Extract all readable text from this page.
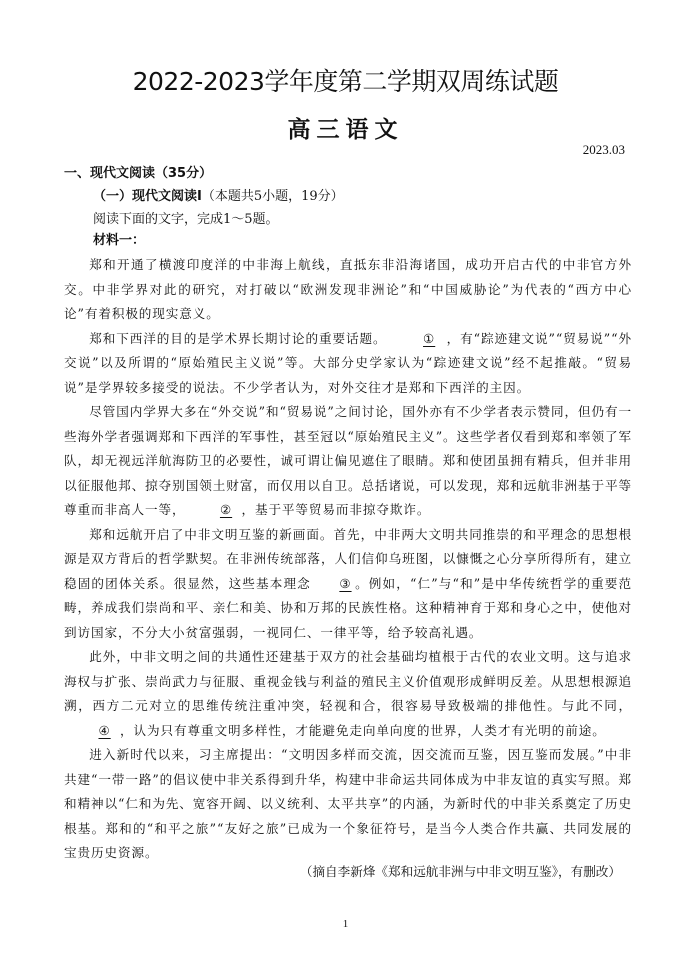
2022-2023学年度第二学期双周练试题
高三语文
2023.03
一、现代文阅读（35分）
（一）现代文阅读Ⅰ（本题共5小题，19分）
阅读下面的文字，完成1～5题。
材料一：

郑和开通了横渡印度洋的中非海上航线，直抵东非沿海诸国，成功开启古代的中非官方外交。中非学界对此的研究，对打破以“欧洲发现非洲论”和“中国威胁论”为代表的“西方中心论”有着积极的现实意义。

郑和下西洋的目的是学术界长期讨论的重要话题。	① ，有“踪迹建文说”“贸易说”“外交说”以及所谓的“原始殖民主义说”等。大部分史学家认为“踪迹建文说”经不起推敲。“贸易说”是学界较多接受的说法。不少学者认为，对外交往才是郑和下西洋的主因。

尽管国内学界大多在“外交说”和“贸易说”之间讨论，国外亦有不少学者表示赞同，但仍有一些海外学者强调郑和下西洋的军事性，甚至冠以“原始殖民主义”。这些学者仅看到郑和率领了军队，却无视远洋航海防卫的必要性，诚可谓让偏见遮住了眼睛。郑和使团虽拥有精兵，但并非用以征服他邦、掠夺别国领土财富，而仅用以自卫。总括诸说，可以发现，郑和远航非洲基于平等尊重而非高人一等，	② ，基于平等贸易而非掠夺欺诈。

郑和远航开启了中非文明互鉴的新画面。首先，中非两大文明共同推崇的和平理念的思想根源是双方背后的哲学默契。在非洲传统部落，人们信仰乌班图，以慷慨之心分享所得所有，建立稳固的团体关系。很显然，这些基本理念 ③ 。例如，“仁”与“和”是中华传统哲学的重要范畴，养成我们崇尚和平、亲仁和美、协和万邦的民族性格。这种精神育于郑和身心之中，使他对到访国家，不分大小贫富强弱，一视同仁、一律平等，给予较高礼遇。

此外，中非文明之间的共通性还建基于双方的社会基础均植根于古代的农业文明。这与追求海权与扩张、崇尚武力与征服、重视金钱与利益的殖民主义价值观形成鲜明反差。从思想根源追溯，西方二元对立的思维传统注重冲突，轻视和合，很容易导致极端的排他性。与此不同，④ ，认为只有尊重文明多样性，才能避免走向单向度的世界，人类才有光明的前途。

进入新时代以来，习主席提出：“文明因多样而交流，因交流而互鉴，因互鉴而发展。”中非共建“一带一路”的倡议使中非关系得到升华，构建中非命运共同体成为中非友谊的真实写照。郑和精神以“仁和为先、宽容开阔、以义统利、太平共享”的内涵，为新时代的中非关系奠定了历史根基。郑和的“和平之旅”“友好之旅”已成为一个象征符号，是当今人类合作共赢、共同发展的宝贵历史资源。

（摘自李新烽《郑和远航非洲与中非文明互鉴》，有删改）
1
